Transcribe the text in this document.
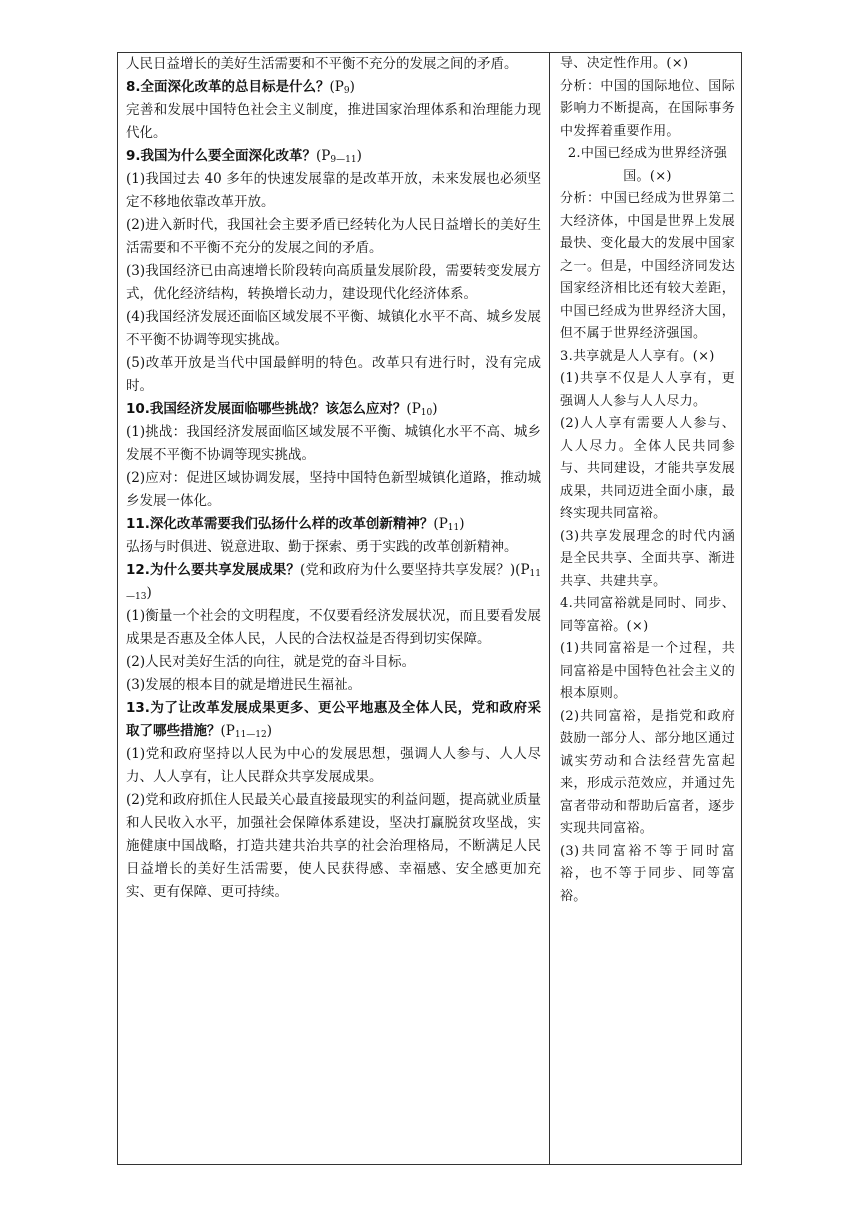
人民日益增长的美好生活需要和不平衡不充分的发展之间的矛盾。

8.全面深化改革的总目标是什么？$(P_9)$

完善和发展中国特色社会主义制度，推进国家治理体系和治理能力现代化。

9.我国为什么要全面深化改革？$(P_{9—11})$

(1)我国过去 40 多年的快速发展靠的是改革开放，未来发展也必须坚定不移地依靠改革开放。

(2)进入新时代，我国社会主要矛盾已经转化为人民日益增长的美好生活需要和不平衡不充分的发展之间的矛盾。

(3)我国经济已由高速增长阶段转向高质量发展阶段，需要转变发展方式，优化经济结构，转换增长动力，建设现代化经济体系。

(4)我国经济发展还面临区域发展不平衡、城镇化水平不高、城乡发展不平衡不协调等现实挑战。

(5)改革开放是当代中国最鲜明的特色。改革只有进行时，没有完成时。

10.我国经济发展面临哪些挑战？该怎么应对？$(P_{10})$

(1)挑战：我国经济发展面临区域发展不平衡、城镇化水平不高、城乡发展不平衡不协调等现实挑战。

(2)应对：促进区域协调发展，坚持中国特色新型城镇化道路，推动城乡发展一体化。

11.深化改革需要我们弘扬什么样的改革创新精神？$(P_{11})$

弘扬与时俱进、锐意进取、勤于探索、勇于实践的改革创新精神。

12.为什么要共享发展成果？(党和政府为什么要坚持共享发展？)$(P_{11—13})$

(1)衡量一个社会的文明程度，不仅要看经济发展状况，而且要看发展成果是否惠及全体人民，人民的合法权益是否得到切实保障。

(2)人民对美好生活的向往，就是党的奋斗目标。

(3)发展的根本目的就是增进民生福祉。

13.为了让改革发展成果更多、更公平地惠及全体人民，党和政府采取了哪些措施？$(P_{11—12})$

(1)党和政府坚持以人民为中心的发展思想，强调人人参与、人人尽力、人人享有，让人民群众共享发展成果。

(2)党和政府抓住人民最关心最直接最现实的利益问题，提高就业质量和人民收入水平，加强社会保障体系建设，坚决打赢脱贫攻坚战，实施健康中国战略，打造共建共治共享的社会治理格局，不断满足人民日益增长的美好生活需要，使人民获得感、幸福感、安全感更加充实、更有保障、更可持续。

导、决定性作用。(×)

分析：中国的国际地位、国际影响力不断提高，在国际事务中发挥着重要作用。

2.中国已经成为世界经济强国。(×)

分析：中国已经成为世界第二大经济体，中国是世界上发展最快、变化最大的发展中国家之一。但是，中国经济同发达国家经济相比还有较大差距，中国已经成为世界经济大国，但不属于世界经济强国。

3.共享就是人人享有。(×)

(1)共享不仅是人人享有，更强调人人参与人人尽力。

(2)人人享有需要人人参与、人人尽力。全体人民共同参与、共同建设，才能共享发展成果，共同迈进全面小康，最终实现共同富裕。

(3)共享发展理念的时代内涵是全民共享、全面共享、渐进共享、共建共享。

4.共同富裕就是同时、同步、同等富裕。(×)

(1)共同富裕是一个过程，共同富裕是中国特色社会主义的根本原则。

(2)共同富裕，是指党和政府鼓励一部分人、部分地区通过诚实劳动和合法经营先富起来，形成示范效应，并通过先富者带动和帮助后富者，逐步实现共同富裕。

(3)共同富裕不等于同时富裕，也不等于同步、同等富裕。
